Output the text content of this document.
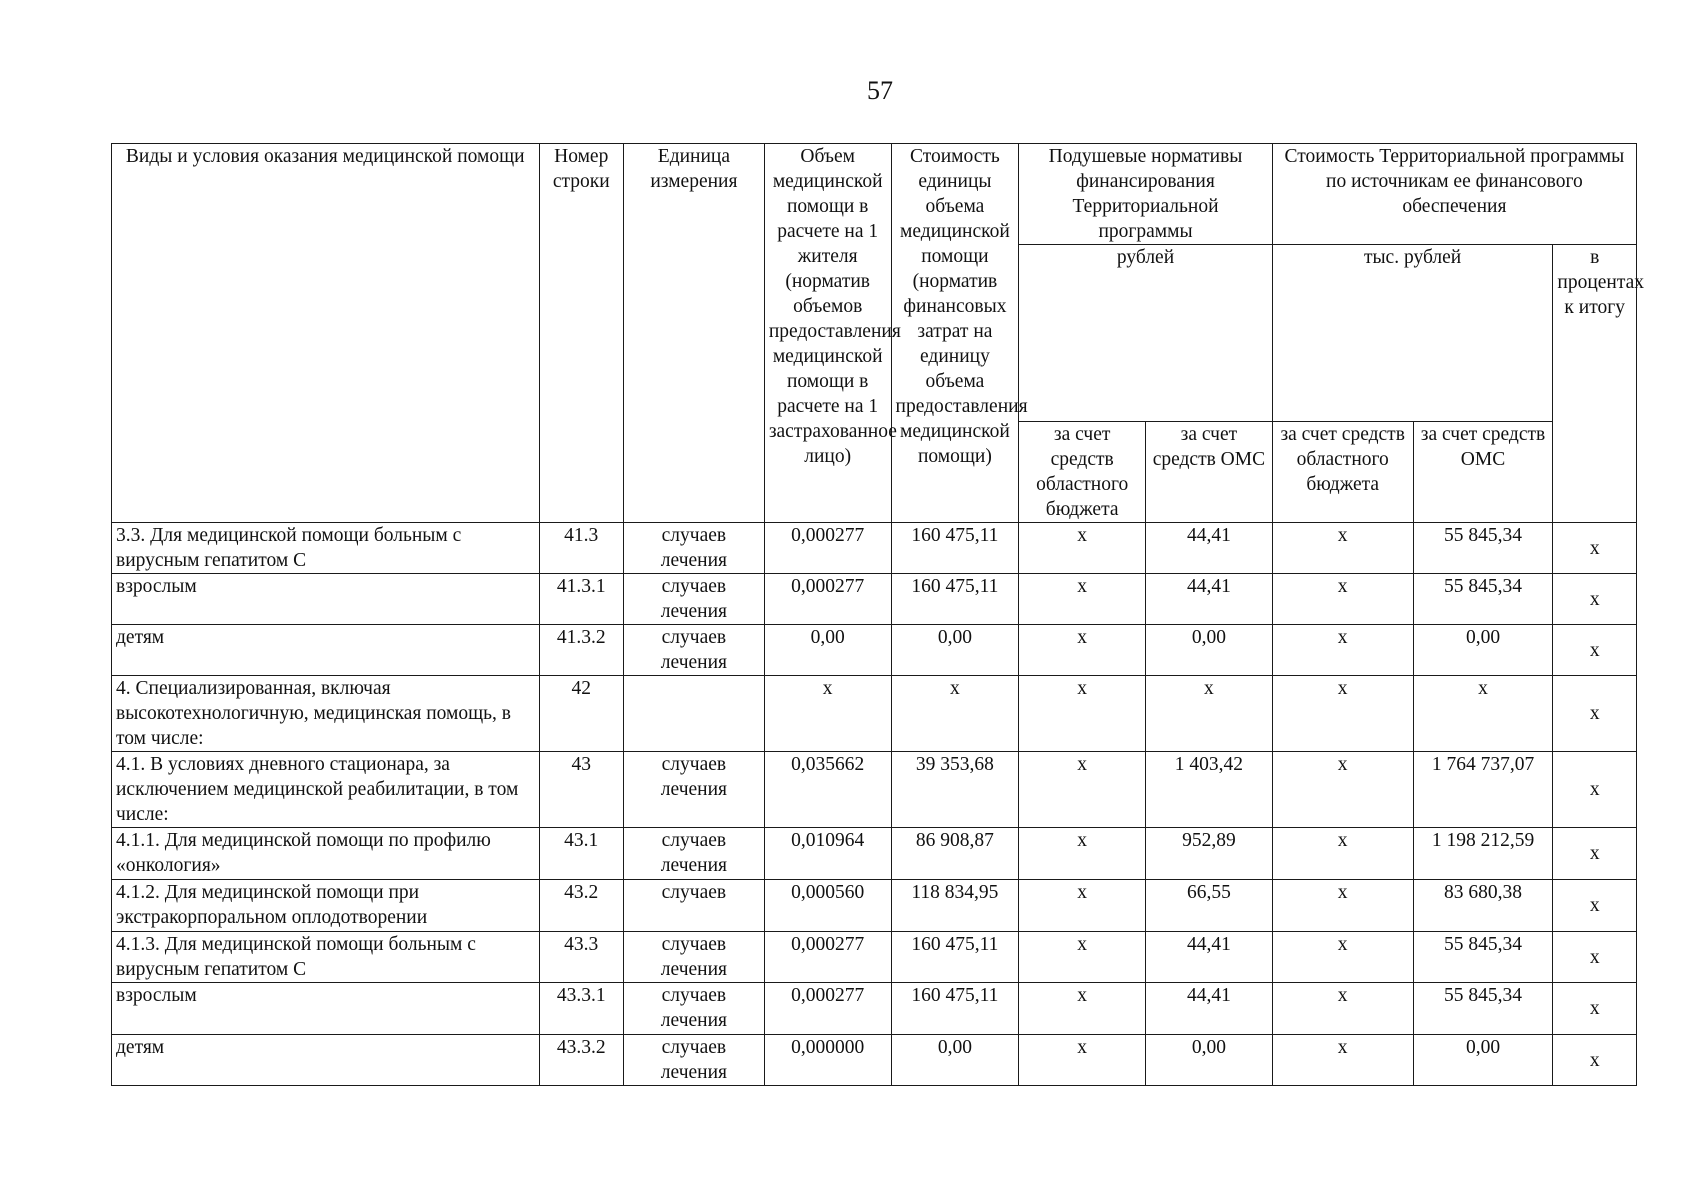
57
Виды и условия оказания медицинской помощи	Номер строки	Единица измерения	Объем медицинской помощи в расчете на 1 жителя (норматив объемов предоставления медицинской помощи в расчете на 1 застрахованное лицо)	Стоимость единицы объема медицинской помощи (норматив финансовых затрат на единицу объема предоставления медицинской помощи)	Подушевые нормативы финансирования Территориальной программы		Стоимость Территориальной программы по источникам ее финансового обеспечения		
					рублей		тыс. рублей		в процентах к итогу
					за счет средств областного бюджета	за счет средств ОМС	за счет средств областного бюджета	за счет средств ОМС	
3.3. Для медицинской помощи больным с вирусным гепатитом С	41.3	случаев лечения	0,000277	160 475,11	х	44,41	х	55 845,34	х
взрослым	41.3.1	случаев лечения	0,000277	160 475,11	х	44,41	х	55 845,34	х
детям	41.3.2	случаев лечения	0,00	0,00	х	0,00	х	0,00	х
4. Специализированная, включая высокотехнологичную, медицинская помощь, в том числе:	42		х	х	х	х	х	х	х
4.1. В условиях дневного стационара, за исключением медицинской реабилитации, в том числе:	43	случаев лечения	0,035662	39 353,68	х	1 403,42	х	1 764 737,07	х
4.1.1. Для медицинской помощи по профилю «онкология»	43.1	случаев лечения	0,010964	86 908,87	х	952,89	х	1 198 212,59	х
4.1.2. Для медицинской помощи при экстракорпоральном оплодотворении	43.2	случаев	0,000560	118 834,95	х	66,55	х	83 680,38	х
4.1.3. Для медицинской помощи больным с вирусным гепатитом С	43.3	случаев лечения	0,000277	160 475,11	х	44,41	х	55 845,34	х
взрослым	43.3.1	случаев лечения	0,000277	160 475,11	х	44,41	х	55 845,34	х
детям	43.3.2	случаев лечения	0,000000	0,00	х	0,00	х	0,00	х
